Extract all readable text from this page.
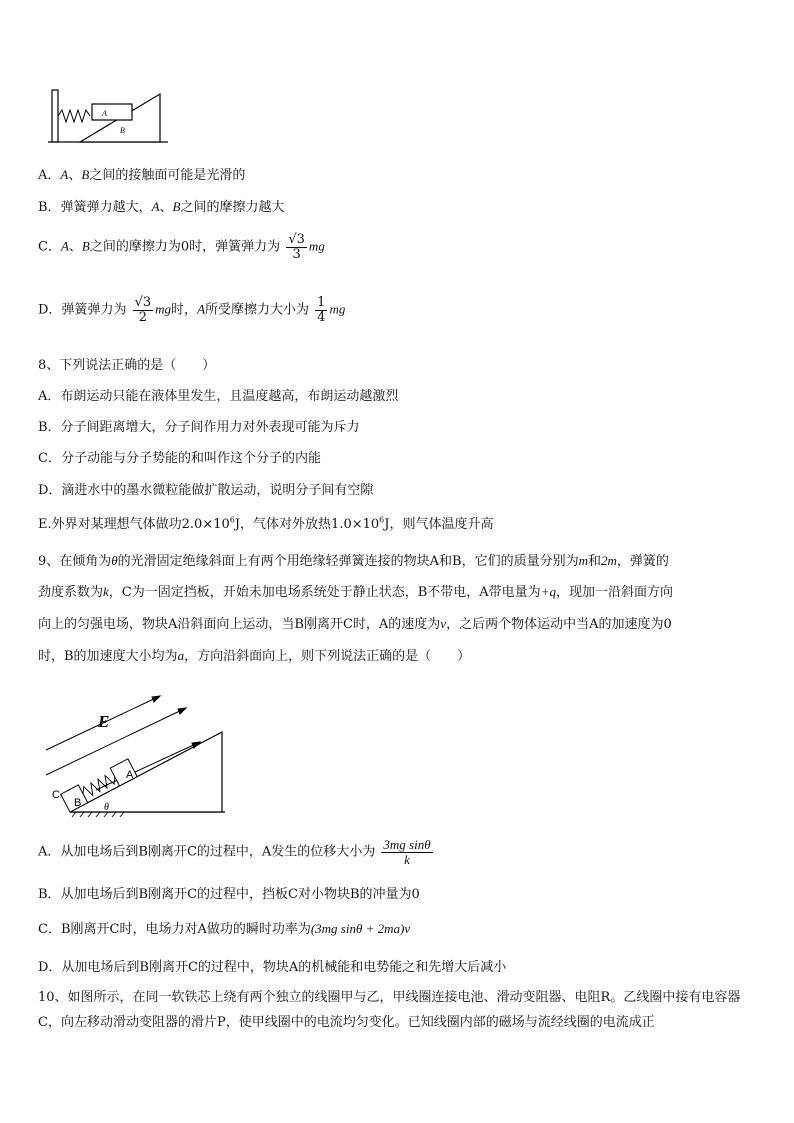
A
B
A．A、B之间的接触面可能是光滑的
B．弹簧弹力越大，A、B之间的摩擦力越大
C．A、B之间的摩擦力为0时，弹簧弹力为 $\frac{√3}{3}$ mg
D．弹簧弹力为 $\frac{√3}{2}$ mg时，A所受摩擦力大小为 $\frac{1}{4}$ mg
8、下列说法正确的是（　　）
A．布朗运动只能在液体里发生，且温度越高，布朗运动越激烈
B．分子间距离增大，分子间作用力对外表现可能为斥力
C．分子动能与分子势能的和叫作这个分子的内能
D．滴进水中的墨水微粒能做扩散运动，说明分子间有空隙
E.外界对某理想气体做功$2.0\times 10^6J$，气体对外放热$1.0\times 10^6J$，则气体温度升高
9、在倾角为θ的光滑固定绝缘斜面上有两个用绝缘轻弹簧连接的物块A和B，它们的质量分别为m和2m，弹簧的
劲度系数为k，C为一固定挡板，开始未加电场系统处于静止状态，B不带电，A带电量为+q，现加一沿斜面方向
向上的匀强电场，物块A沿斜面向上运动，当B刚离开C时，A的速度为v，之后两个物体运动中当A的加速度为0
时，B的加速度大小均为a，方向沿斜面向上，则下列说法正确的是（　　）
E
B
A
C
θ
A．从加电场后到B刚离开C的过程中，A发生的位移大小为 $\frac{\text{3mg sinθ}}{k}$
B．从加电场后到B刚离开C的过程中，挡板C对小物块B的冲量为0
C．B刚离开C时，电场力对A做功的瞬时功率为(3mg sinθ + 2ma)v
D．从加电场后到B刚离开C的过程中，物块A的机械能和电势能之和先增大后减小
10、如图所示，在同一软铁芯上绕有两个独立的线圈甲与乙，甲线圈连接电池、滑动变阻器、电阻R。乙线圈中接有电容器C，向左移动滑动变阻器的滑片P，使甲线圈中的电流均匀变化。已知线圈内部的磁场与流经线圈的电流成正
